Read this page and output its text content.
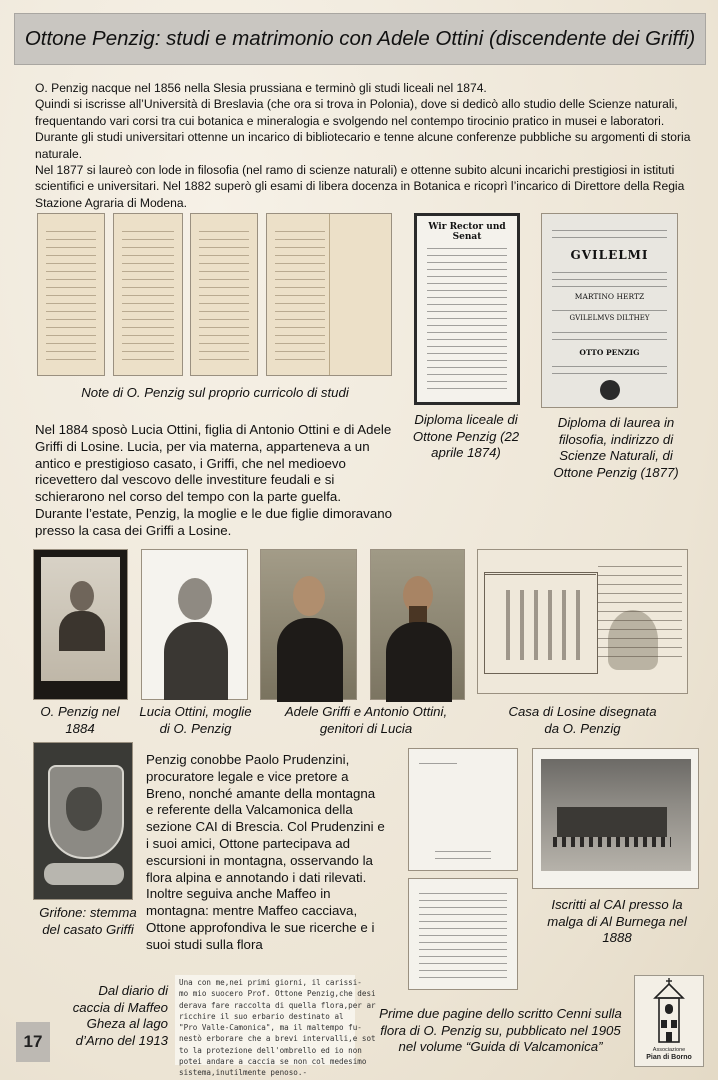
Ottone Penzig: studi e matrimonio con Adele Ottini (discendente dei Griffi)

O. Penzig nacque nel 1856 nella Slesia prussiana e terminò gli studi liceali nel 1874.

Quindi si iscrisse all’Università di Breslavia (che ora si trova in Polonia), dove si dedicò allo studio delle Scienze naturali, frequentando vari corsi tra cui botanica e mineralogia e svolgendo nel contempo tirocinio pratico in musei e laboratori. Durante gli studi universitari ottenne un incarico di bibliotecario e tenne alcune conferenze pubbliche su argomenti di storia naturale.

Nel 1877 si laureò con lode in filosofia (nel ramo di scienze naturali) e ottenne subito alcuni incarichi prestigiosi in istituti scientifici e universitari. Nel 1882 superò gli esami di libera docenza in Botanica e ricoprì l’incarico di Direttore della Regia Stazione Agraria di Modena.

Note di O. Penzig sul proprio curricolo di studi
Wir Rector und Senat
Diploma liceale di Ottone Penzig (22 aprile 1874)
GVILELMI
MARTINO HERTZ
GVILELMVS DILTHEY
OTTO PENZIG
Diploma di laurea in filosofia, indirizzo di Scienze Naturali, di Ottone Penzig (1877)
Nel 1884 sposò Lucia Ottini, figlia di Antonio Ottini e di Adele Griffi di Losine. Lucia, per via materna, apparteneva a un antico e prestigioso casato, i Griffi, che nel medioevo ricevettero dal vescovo delle investiture feudali e si schierarono nel corso del tempo con la parte guelfa.
Durante l’estate, Penzig, la moglie e le due figlie dimoravano presso la casa dei Griffi a Losine.
O. Penzig nel 1884
Lucia Ottini, moglie di O. Penzig
Adele Griffi e Antonio Ottini, genitori di Lucia
Casa di Losine disegnata da O. Penzig
Grifone: stemma del casato Griffi
Penzig conobbe Paolo Prudenzini, procuratore legale e vice pretore a Breno, nonché amante della montagna e referente della Valcamonica della sezione CAI di Brescia. Col Prudenzini e i suoi amici, Ottone partecipava ad escursioni in montagna, osservando la flora alpina e annotando i dati rilevati. Inoltre seguiva anche Maffeo in montagna: mentre Maffeo cacciava, Ottone approfondiva le sue ricerche e i suoi studi sulla flora
Iscritti al CAI presso la malga di Al Burnega nel 1888
Dal diario di caccia di Maffeo Gheza al lago d’Arno del 1913
Una con me,nei primi giorni, il carissi-
mo mio suocero Prof. Ottone Penzig,che desi
derava fare raccolta di quella flora,per ar
ricchire il suo erbario destinato al
"Pro Valle-Camonica", ma il maltempo fu-
nestò erborare che a brevi intervalli,e sot
to la protezione dell'ombrello ed io non
potei andare a caccia se non col medesimo
sistema,inutilmente penoso.-
Prime due pagine dello scritto Cenni sulla flora di O. Penzig su, pubblicato nel 1905 nel volume “Guida di Valcamonica”
17	Associazione
Pian di Borno
